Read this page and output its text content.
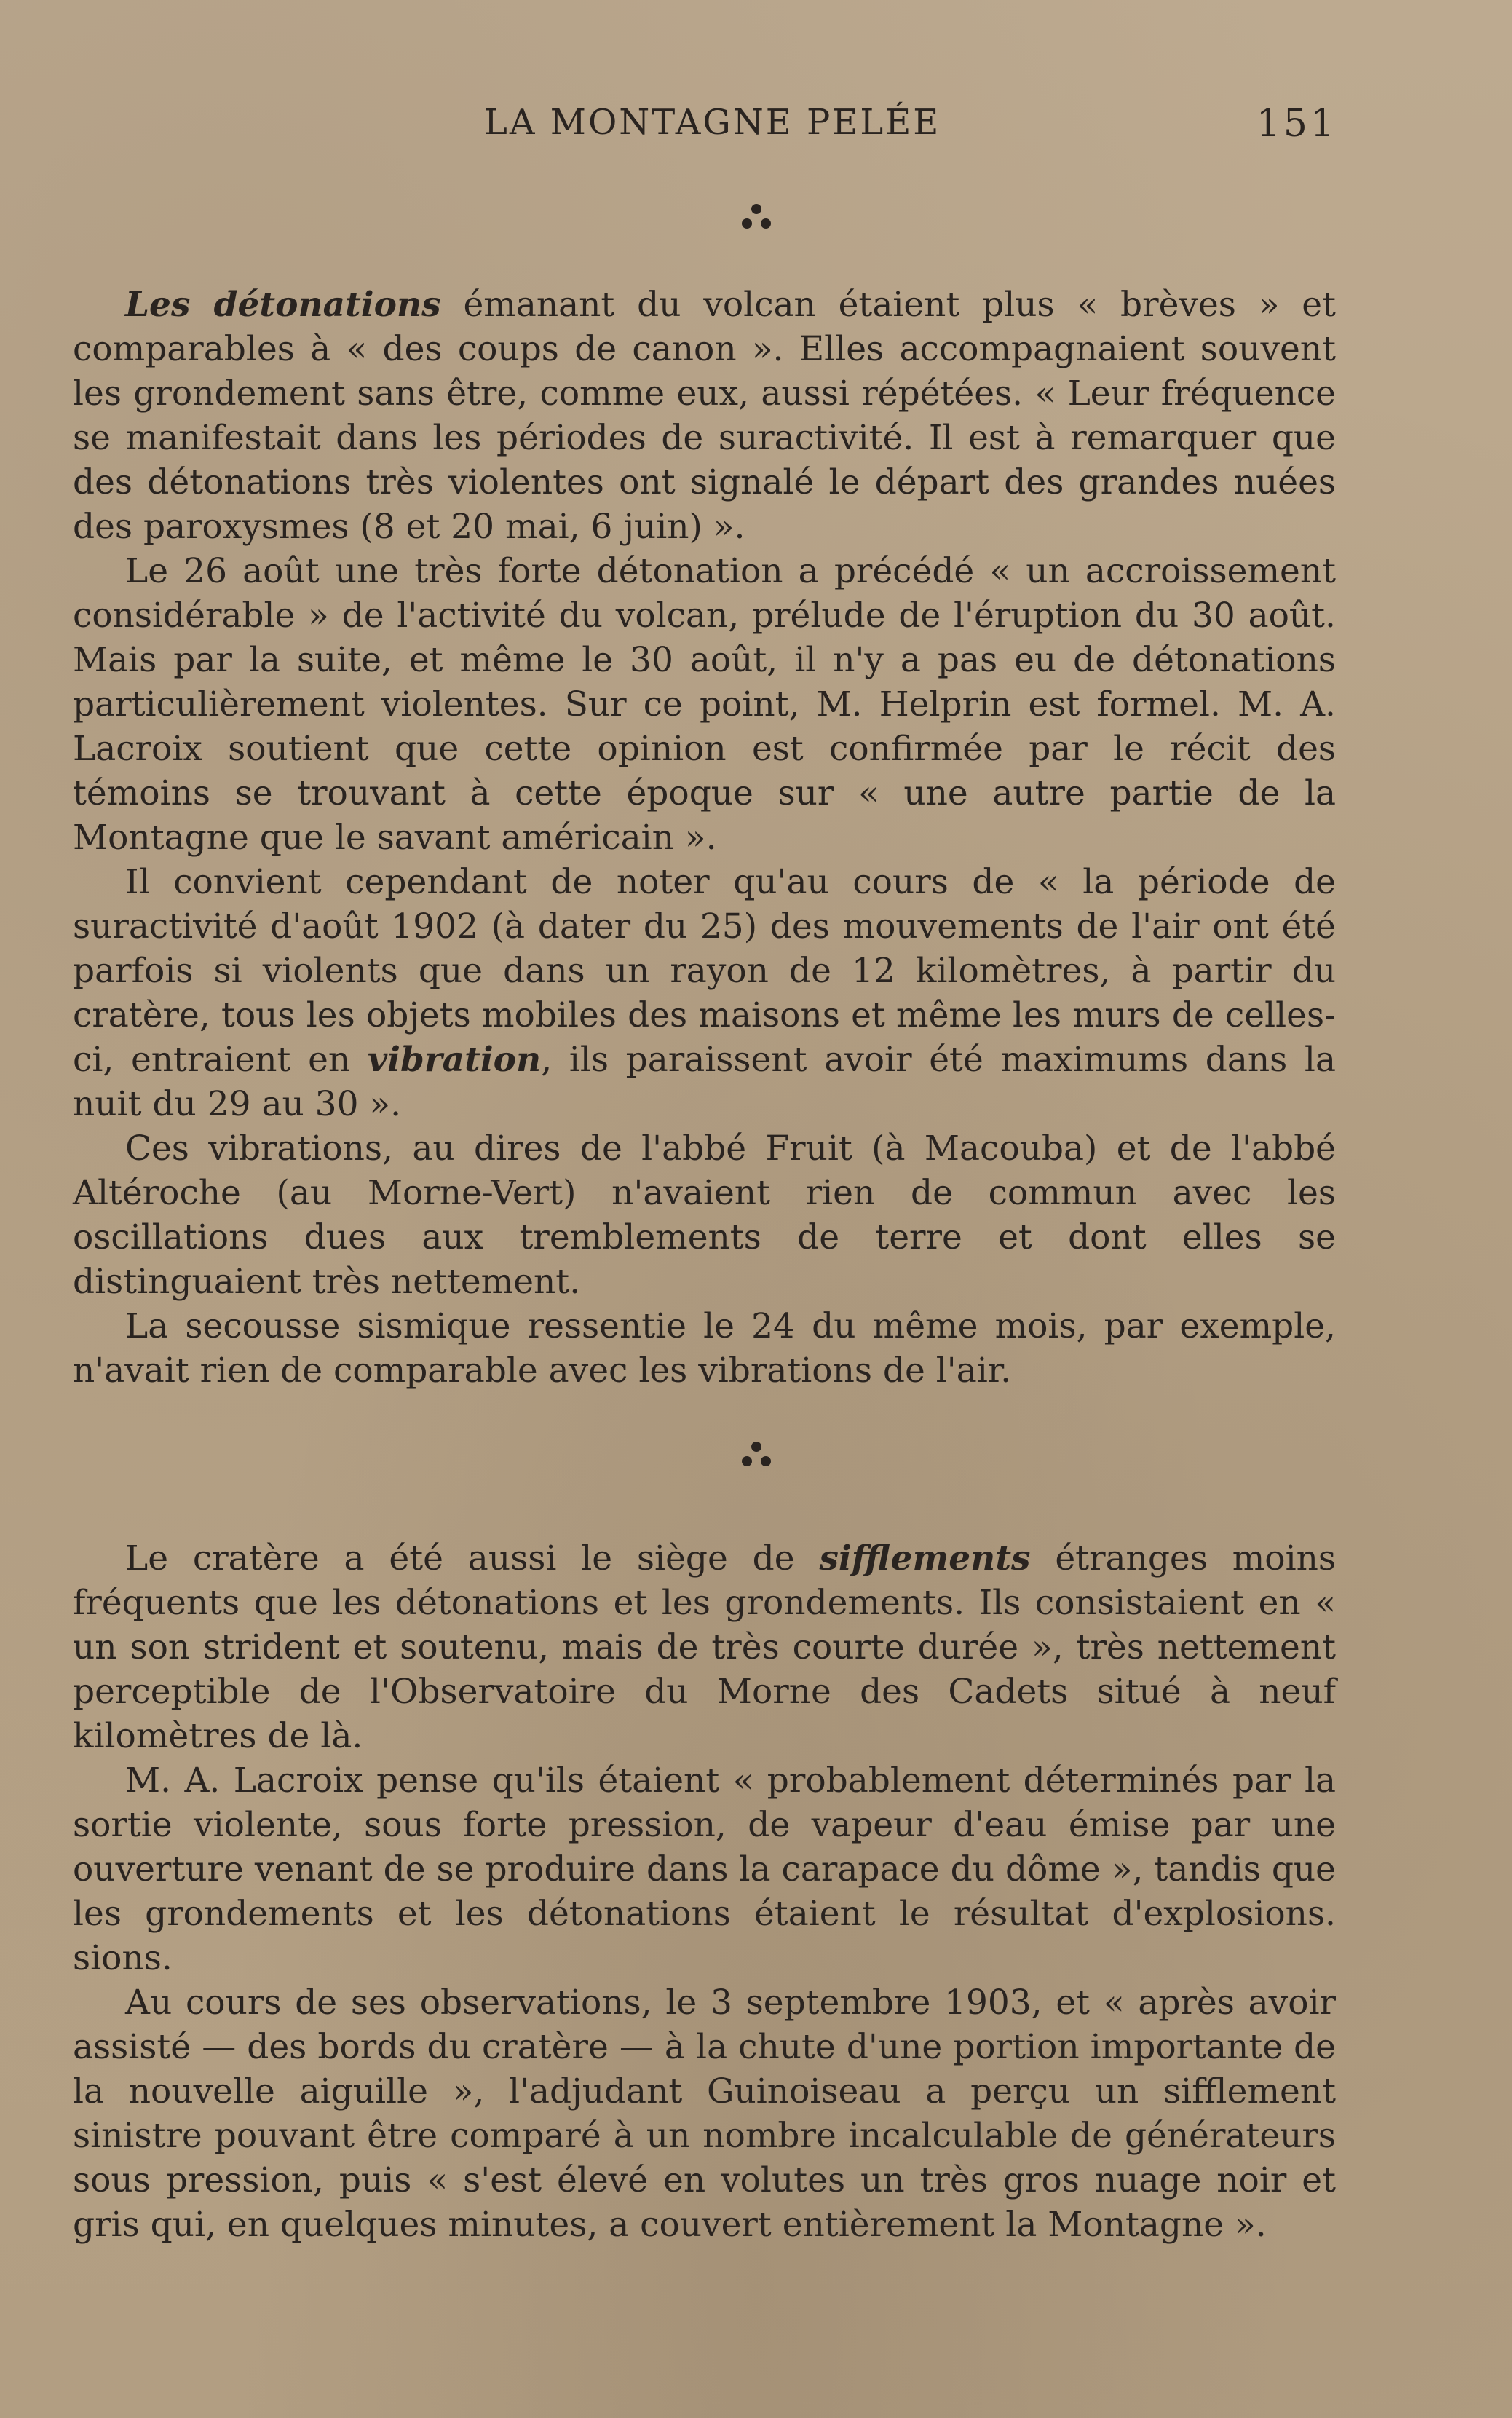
LA MONTAGNE PELÉE	151

Les détonations émanant du volcan étaient plus « brèves » et comparables à « des coups de canon ». Elles accompagnaient souvent les grondement sans être, comme eux, aussi répétées. « Leur fréquence se manifestait dans les périodes de suractivité. Il est à remarquer que des détonations très violentes ont signalé le départ des grandes nuées des paroxysmes (8 et 20 mai, 6 juin) ».

Le 26 août une très forte détonation a précédé « un accroissement considérable » de l'activité du volcan, prélude de l'éruption du 30 août. Mais par la suite, et même le 30 août, il n'y a pas eu de détonations particulièrement violentes. Sur ce point, M. Helprin est formel. M. A. Lacroix soutient que cette opinion est confirmée par le récit des témoins se trouvant à cette époque sur « une autre partie de la Montagne que le savant américain ».

Il convient cependant de noter qu'au cours de « la période de suractivité d'août 1902 (à dater du 25) des mouvements de l'air ont été parfois si violents que dans un rayon de 12 kilomètres, à partir du cratère, tous les objets mobiles des maisons et même les murs de celles-ci, entraient en vibration, ils paraissent avoir été maximums dans la nuit du 29 au 30 ».

Ces vibrations, au dires de l'abbé Fruit (à Macouba) et de l'abbé Altéroche (au Morne-Vert) n'avaient rien de commun avec les oscillations dues aux tremblements de terre et dont elles se distinguaient très nettement.

La secousse sismique ressentie le 24 du même mois, par exemple, n'avait rien de comparable avec les vibrations de l'air.

Le cratère a été aussi le siège de sifflements étranges moins fréquents que les détonations et les grondements. Ils consistaient en « un son strident et soutenu, mais de très courte durée », très nettement perceptible de l'Observatoire du Morne des Cadets situé à neuf kilomètres de là.

M. A. Lacroix pense qu'ils étaient « probablement déterminés par la sortie violente, sous forte pression, de vapeur d'eau émise par une ouverture venant de se produire dans la carapace du dôme », tandis que les grondements et les détonations étaient le résultat d'explosions. sions.

Au cours de ses observations, le 3 septembre 1903, et « après avoir assisté — des bords du cratère — à la chute d'une portion importante de la nouvelle aiguille », l'adjudant Guinoiseau a perçu un sifflement sinistre pouvant être comparé à un nombre incalculable de générateurs sous pression, puis « s'est élevé en volutes un très gros nuage noir et gris qui, en quelques minutes, a couvert entièrement la Montagne ».
